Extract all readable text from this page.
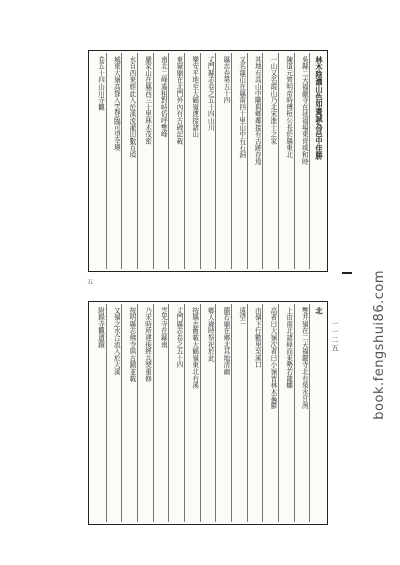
林木陰濃山色如畫誠為邑中佳勝
吳縣二天福嚴寺在延福場東晉咸和時
陳道元齊明帝時傅桓公長於縣東北
一山又名霞山乃北宋進士之家
其地有高山中隴與鄉鄰接有古跡存焉
又名龍山在縣南四十里山中有石洞
縣志卷第五十四
丈門縣志卷之五十四山川
樂安平地至大鶴嶺連接諸山
東嶽廟在北門外內有古碑記載
南北二峰遙相對峙俗呼雙峰
嚴家山在縣西三十里林木茂密
水自西來經此入於溪流灌田數百頃
城東大嶺高聳入雲登臨可望全境
卷五十四山川寺觀
五
北
雙井嶺在二天福嚴寺北有泉水甘冽
上由南北諸峰而來勢若龍蟠
高者曰大嶺次者曰小嶺皆林木蓊鬱
由嶺下行數里至溪口
遠望一
蘭若廟在鄉北其地清幽
鄉人歲時祭祀於此
按縣志舊載大鶴嶺東北有溪
丈門縣志卷之五十四
雲光寺在縣南
乃宋時所建後經兵燹重修
按明縣志佛寺與古蹟並載
又嶺之水合流入於大溪
附錄寺觀遺蹟	一一二五	book.fengshui86.com
